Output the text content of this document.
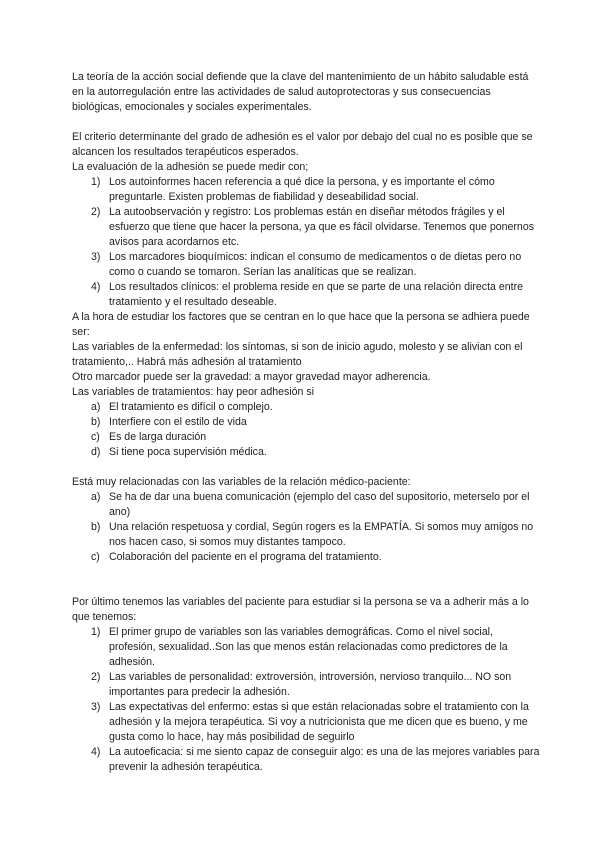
La teoría de la acción social defiende que la clave del mantenimiento de un hábito saludable está en la autorregulación entre las actividades de salud autoprotectoras y sus consecuencias biológicas, emocionales y sociales experimentales.

El criterio determinante del grado de adhesión es el valor por debajo del cual no es posible que se alcancen los resultados terapéuticos esperados.

La evaluación de la adhesión se puede medir con;

1) Los autoinformes hacen referencia a qué dice la persona, y es importante el cómo preguntarle. Existen problemas de fiabilidad y deseabilidad social.
2) La autoobservación y registro: Los problemas están en diseñar métodos frágiles y el esfuerzo que tiene que hacer la persona, ya que es fácil olvidarse. Tenemos que ponernos avisos para acordarnos etc.
3) Los marcadores bioquímicos: indican el consumo de medicamentos o de dietas pero no como o cuando se tomaron. Serían las analíticas que se realizan.
4) Los resultados clínicos: el problema reside en que se parte de una relación directa entre tratamiento y el resultado deseable.

A la hora de estudiar los factores que se centran en lo que hace que la persona se adhiera puede ser:

Las variables de la enfermedad: los síntomas, si son de inicio agudo, molesto y se alivian con el tratamiento,.. Habrá más adhesión al tratamiento

Otro marcador puede ser la gravedad: a mayor gravedad mayor adherencia.

Las variables de tratamientos: hay peor adhesión si

a) El tratamiento es difícil o complejo.
b) Interfiere con el estilo de vida
c) Es de larga duración
d) Si tiene poca supervisión médica.

Está muy relacionadas con las variables de la relación médico-paciente:

a) Se ha de dar una buena comunicación (ejemplo del caso del supositorio, meterselo por el ano)
b) Una relación respetuosa y cordial, Según rogers es la EMPATÍA. Si somos muy amigos no nos hacen caso, si somos muy distantes tampoco.
c) Colaboración del paciente en el programa del tratamiento.

Por último tenemos las variables del paciente para estudiar si la persona se va a adherir más a lo que tenemos:

1) El primer grupo de variables son las variables demográficas. Como el nivel social, profesión, sexualidad..Son las que menos están relacionadas como predictores de la adhesión.
2) Las variables de personalidad: extroversión, introversión, nervioso tranquilo... NO son importantes para predecir la adhesión.
3) Las expectativas del enfermo: estas si que están relacionadas sobre el tratamiento con la adhesión y la mejora terapéutica. Si voy a nutricionista que me dicen que es bueno, y me gusta como lo hace, hay más posibilidad de seguirlo
4) La autoeficacia: si me siento capaz de conseguir algo: es una de las mejores variables para prevenir la adhesión terapéutica.
